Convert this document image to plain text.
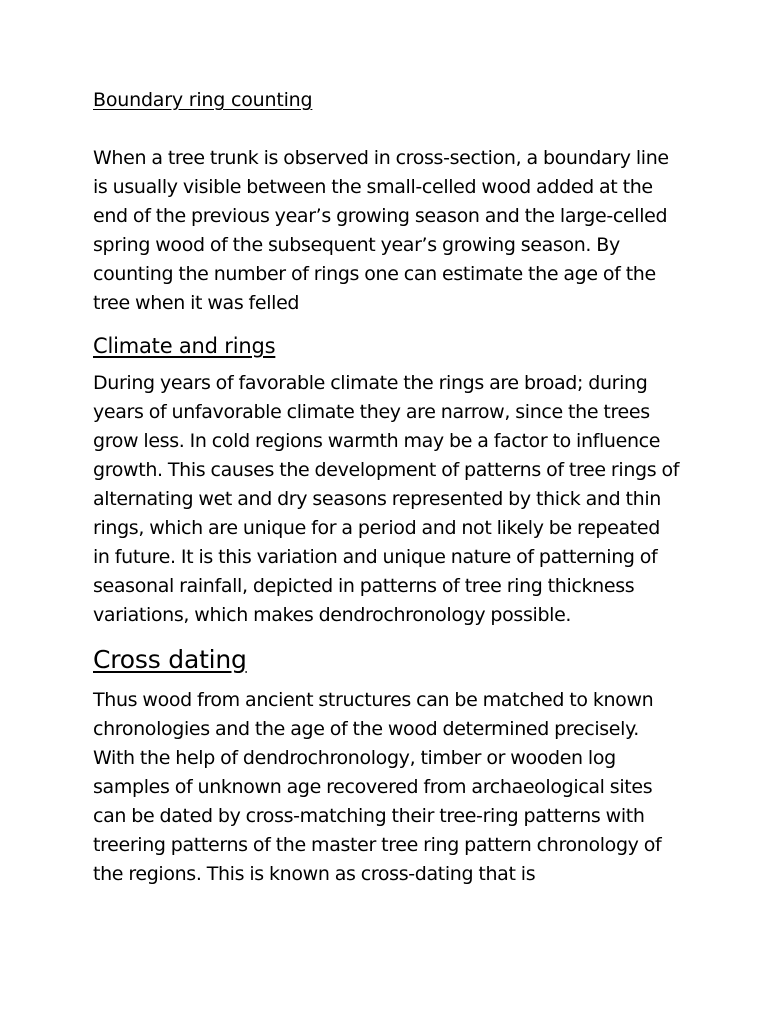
Boundary ring counting

When a tree trunk is observed in cross-section, a boundary line is usually visible between the small-celled wood added at the end of the previous year’s growing season and the large-celled spring wood of the subsequent year’s growing season. By counting the number of rings one can estimate the age of the tree when it was felled

Climate and rings

During years of favorable climate the rings are broad; during years of unfavorable climate they are narrow, since the trees grow less. In cold regions warmth may be a factor to influence growth. This causes the development of patterns of tree rings of alternating wet and dry seasons represented by thick and thin rings, which are unique for a period and not likely be repeated in future. It is this variation and unique nature of patterning of seasonal rainfall, depicted in patterns of tree ring thickness variations, which makes dendrochronology possible.

Cross dating

Thus wood from ancient structures can be matched to known chronologies and the age of the wood determined precisely. With the help of dendrochronology, timber or wooden log samples of unknown age recovered from archaeological sites can be dated by cross-matching their tree-ring patterns with treering patterns of the master tree ring pattern chronology of the regions. This is known as cross-dating that is
